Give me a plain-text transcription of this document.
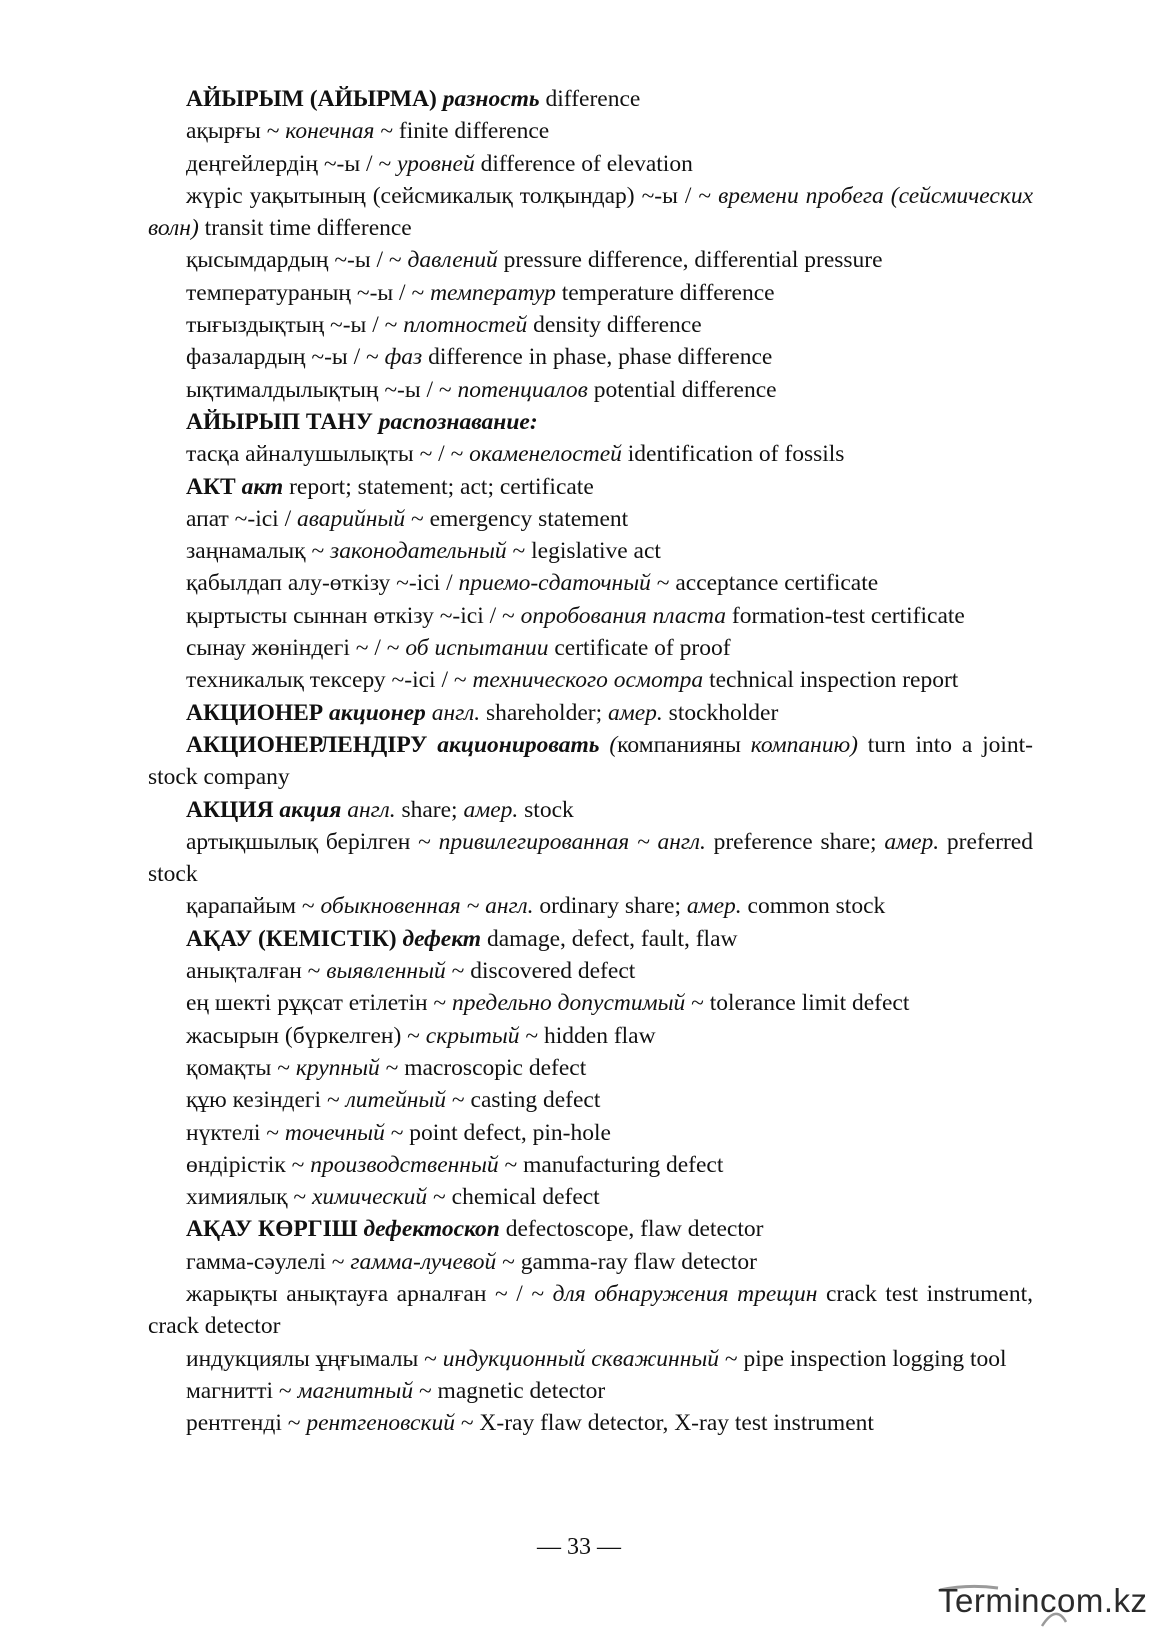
АЙЫРЫМ (АЙЫРМА) разность difference

ақырғы ~ конечная ~ finite difference

деңгейлердің ~-ы / ~ уровней difference of elevation

жүріс уақытының (сейсмикалық толқындар) ~-ы / ~ времени пробега (сейсмических волн) transit time difference

қысымдардың ~-ы / ~ давлений pressure difference, differential pressure

температураның ~-ы / ~ температур temperature difference

тығыздықтың ~-ы / ~ плотностей density difference

фазалардың ~-ы / ~ фаз difference in phase, phase difference

ықтималдылықтың ~-ы / ~ потенциалов potential difference

АЙЫРЫП ТАНУ распознавание:

тасқа айналушылықты ~ / ~ окаменелостей identification of fossils

АКТ акт report; statement; act; certificate

апат ~-ісі / аварийный ~ emergency statement

заңнамалық ~ законодательный ~ legislative act

қабылдап алу-өткізу ~-ісі / приемо-сдаточный ~ acceptance certificate

қыртысты сыннан өткізу ~-ісі / ~ опробования пласта formation-test certificate

сынау жөніндегі ~ / ~ об испытании certificate of proof

техникалық тексеру ~-ісі / ~ технического осмотра technical inspection report

АКЦИОНЕР акционер англ. shareholder; амер. stockholder

АКЦИОНЕРЛЕНДІРУ акционировать (компанияны компанию) turn into a joint-stock company

АКЦИЯ акция англ. share; амер. stock

артықшылық берілген ~ привилегированная ~ англ. preference share; амер. preferred stock

қарапайым ~ обыкновенная ~ англ. ordinary share; амер. common stock

АҚАУ (КЕМІСТІК) дефект damage, defect, fault, flaw

анықталған ~ выявленный ~ discovered defect

ең шекті рұқсат етілетін ~ предельно допустимый ~ tolerance limit defect

жасырын (бүркелген) ~ скрытый ~ hidden flaw

қомақты ~ крупный ~ macroscopic defect

құю кезіндегі ~ литейный ~ casting defect

нүктелі ~ точечный ~ point defect, pin-hole

өндірістік ~ производственный ~ manufacturing defect

химиялық ~ химический ~ chemical defect

АҚАУ КӨРГІШ дефектоскоп defectoscope, flaw detector

гамма-сәулелі ~ гамма-лучевой ~ gamma-ray flaw detector

жарықты анықтауға арналған ~ / ~ для обнаружения трещин crack test instrument, crack detector

индукциялы ұңғымалы ~ индукционный скважинный ~ pipe inspection logging tool

магнитті ~ магнитный ~ magnetic detector

рентгенді ~ рентгеновский ~ X-ray flaw detector, X-ray test instrument

— 33 —
Termincom.kz
